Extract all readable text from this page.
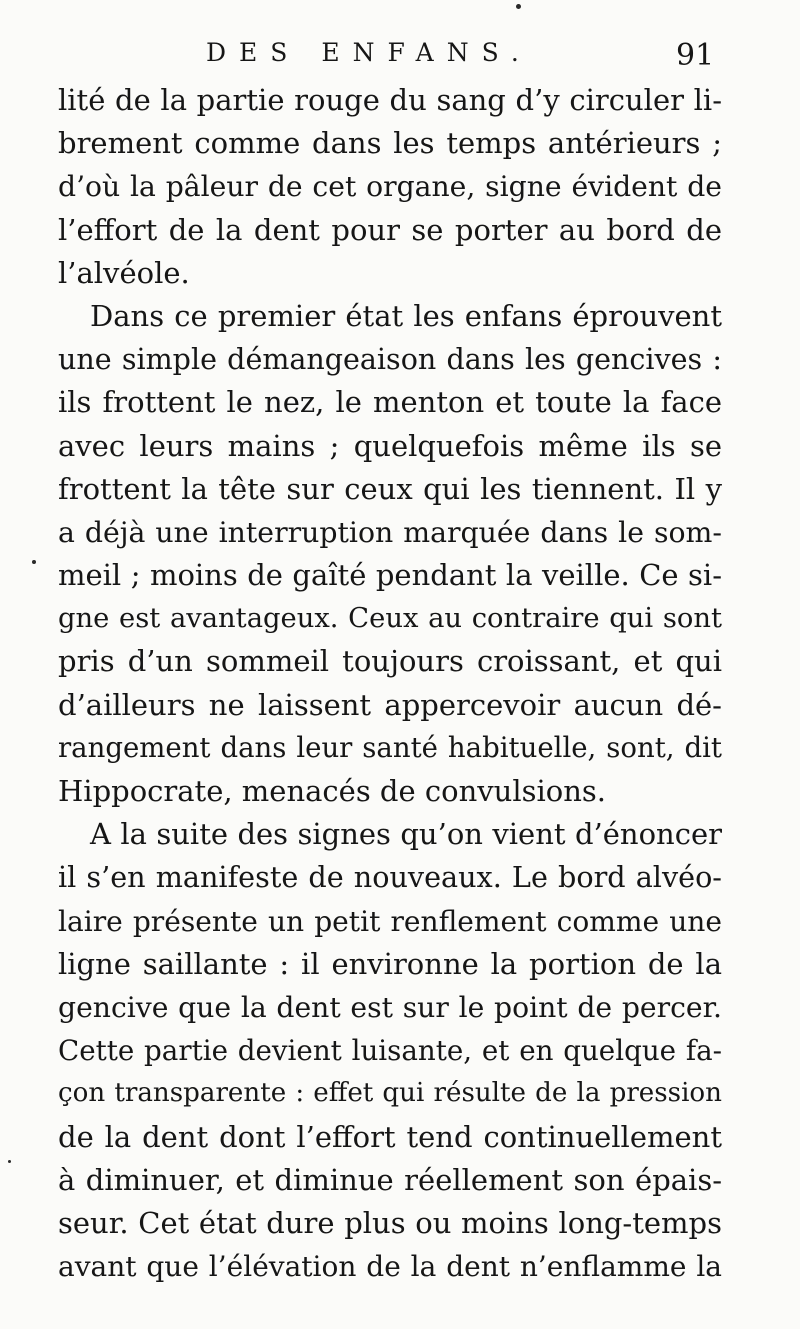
DES ENFANS.	91
lité de la partie rouge du sang d’y circuler li-
brement comme dans les temps antérieurs ;
d’où la pâleur de cet organe, signe évident de
l’effort de la dent pour se porter au bord de
l’alvéole.
Dans ce premier état les enfans éprouvent
une simple démangeaison dans les gencives :
ils frottent le nez, le menton et toute la face
avec leurs mains ; quelquefois même ils se
frottent la tête sur ceux qui les tiennent. Il y
a déjà une interruption marquée dans le som-
meil ; moins de gaîté pendant la veille. Ce si-
gne est avantageux. Ceux au contraire qui sont
pris d’un sommeil toujours croissant, et qui
d’ailleurs ne laissent appercevoir aucun dé-
rangement dans leur santé habituelle, sont, dit
Hippocrate, menacés de convulsions.
A la suite des signes qu’on vient d’énoncer
il s’en manifeste de nouveaux. Le bord alvéo-
laire présente un petit renflement comme une
ligne saillante : il environne la portion de la
gencive que la dent est sur le point de percer.
Cette partie devient luisante, et en quelque fa-
çon transparente : effet qui résulte de la pression
de la dent dont l’effort tend continuellement
à diminuer, et diminue réellement son épais-
seur. Cet état dure plus ou moins long-temps
avant que l’élévation de la dent n’enflamme la
